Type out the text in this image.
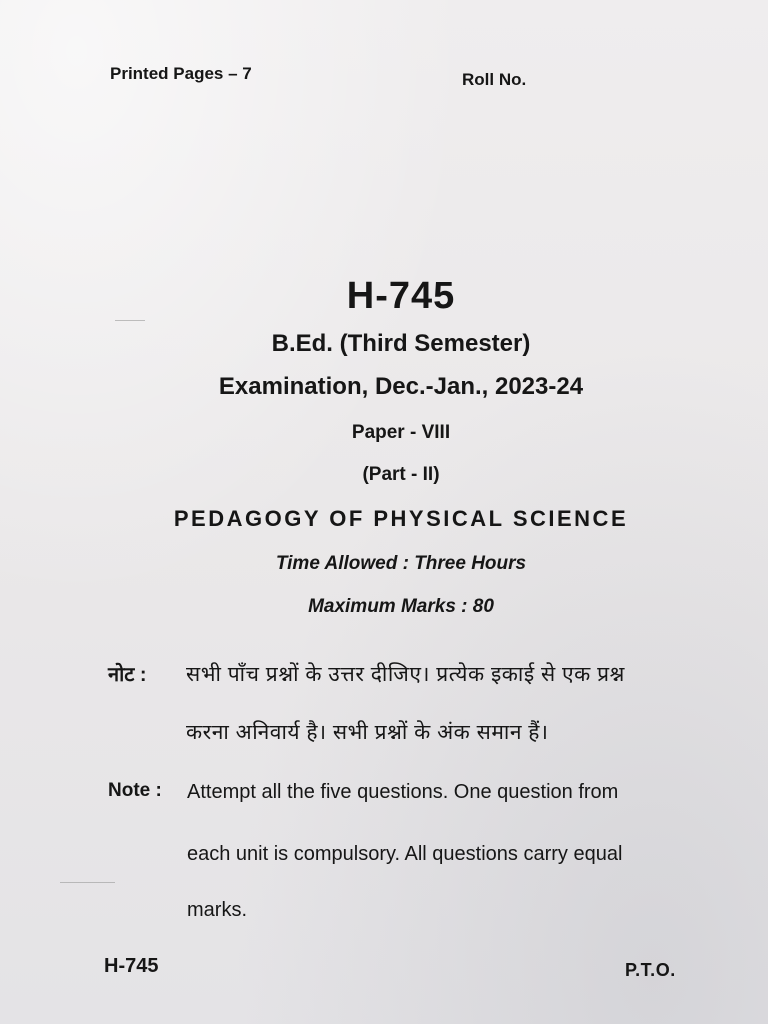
Printed Pages – 7	Roll No.
H-745
B.Ed. (Third Semester)
Examination, Dec.-Jan., 2023-24
Paper - VIII
(Part - II)
PEDAGOGY OF PHYSICAL SCIENCE
Time Allowed : Three Hours
Maximum Marks : 80
नोट : सभी पाँच प्रश्नों के उत्तर दीजिए। प्रत्येक इकाई से एक प्रश्न
करना अनिवार्य है। सभी प्रश्नों के अंक समान हैं।
Note : Attempt all the five questions. One question from
each unit is compulsory. All questions carry equal
marks.
H-745	P.T.O.
